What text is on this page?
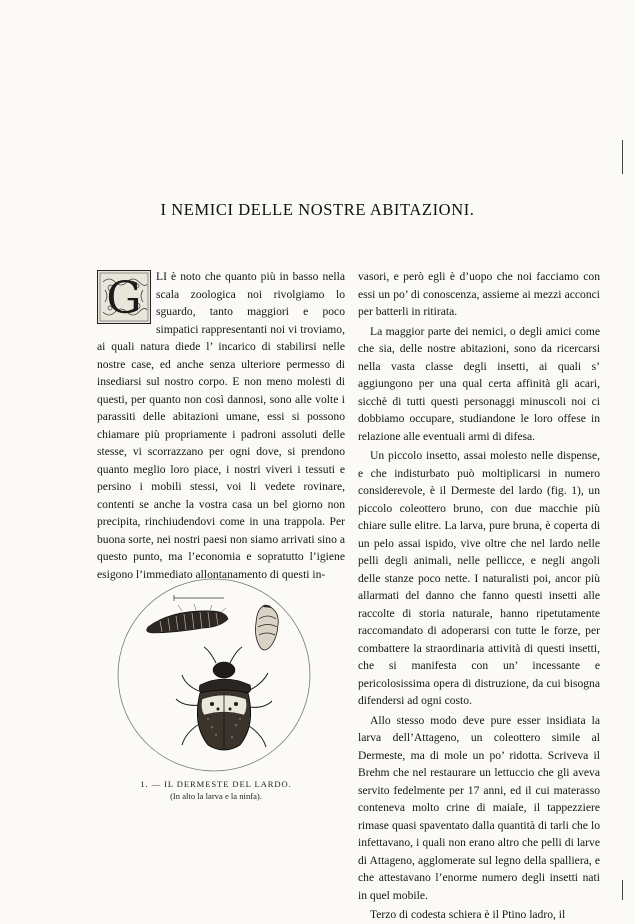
I NEMICI DELLE NOSTRE ABITAZIONI.

G LI è noto che quanto più in basso nella scala zoologica noi rivolgiamo lo sguardo, tanto maggiori e poco simpatici rappresentanti noi vi troviamo, ai quali natura diede l’ incarico di stabilirsi nelle nostre case, ed anche senza ulteriore permesso di insediarsi sul nostro corpo. E non meno molesti di questi, per quanto non così dannosi, sono alle volte i parassiti delle abitazioni umane, essi si possono chiamare più propriamente i padroni assoluti delle stesse, vi scorrazzano per ogni dove, si prendono quanto meglio loro piace, i nostri viveri i tessuti e persino i mobili stessi, voi li vedete rovinare, contenti se anche la vostra casa un bel giorno non precipita, rinchiudendovi come in una trappola. Per buona sorte, nei nostri paesi non siamo arrivati sino a questo punto, ma l’economia e sopratutto l’igiene esigono l’immediato allontanamento di questi in-

vasori, e però egli è d’uopo che noi facciamo con essi un po’ di conoscenza, assieme ai mezzi acconci per batterli in ritirata.

La maggior parte dei nemici, o degli amici come che sia, delle nostre abitazioni, sono da ricercarsi nella vasta classe degli insetti, ai quali s’ aggiungono per una qual certa affinità gli acari, sicchè di tutti questi personaggi minuscoli noi ci dobbiamo occupare, studiandone le loro offese in relazione alle eventuali armi di difesa.

Un piccolo insetto, assai molesto nelle dispense, e che indisturbato può moltiplicarsi in numero considerevole, è il Dermeste del lardo (fig. 1), un piccolo coleottero bruno, con due macchie più chiare sulle elitre. La larva, pure bruna, è coperta di un pelo assai ispido, vive oltre che nel lardo nelle pelli degli animali, nelle pellicce, e negli angoli delle stanze poco nette. I naturalisti poi, ancor più allarmati del danno che fanno questi insetti alle raccolte di storia naturale, hanno ripetutamente raccomandato di adoperarsi con tutte le forze, per combattere la straordinaria attività di questi insetti, che si manifesta con un’ incessante e pericolosissima opera di distruzione, da cui bisogna difendersi ad ogni costo.

Allo stesso modo deve pure esser insidiata la larva dell’Attageno, un coleottero simile al Dermeste, ma di mole un po’ ridotta. Scriveva il Brehm che nel restaurare un lettuccio che gli aveva servito fedelmente per 17 anni, ed il cui materasso conteneva molto crine di maiale, il tappezziere rimase quasi spaventato dalla quantità di tarli che lo infettavano, i quali non erano altro che pelli di larve di Attageno, agglomerate sul legno della spalliera, e che attestavano l’enorme numero degli insetti nati in quel mobile.

Terzo di codesta schiera è il Ptino ladro, il

1. — IL DERMESTE DEL LARDO.
(In alto la larva e la ninfa).
